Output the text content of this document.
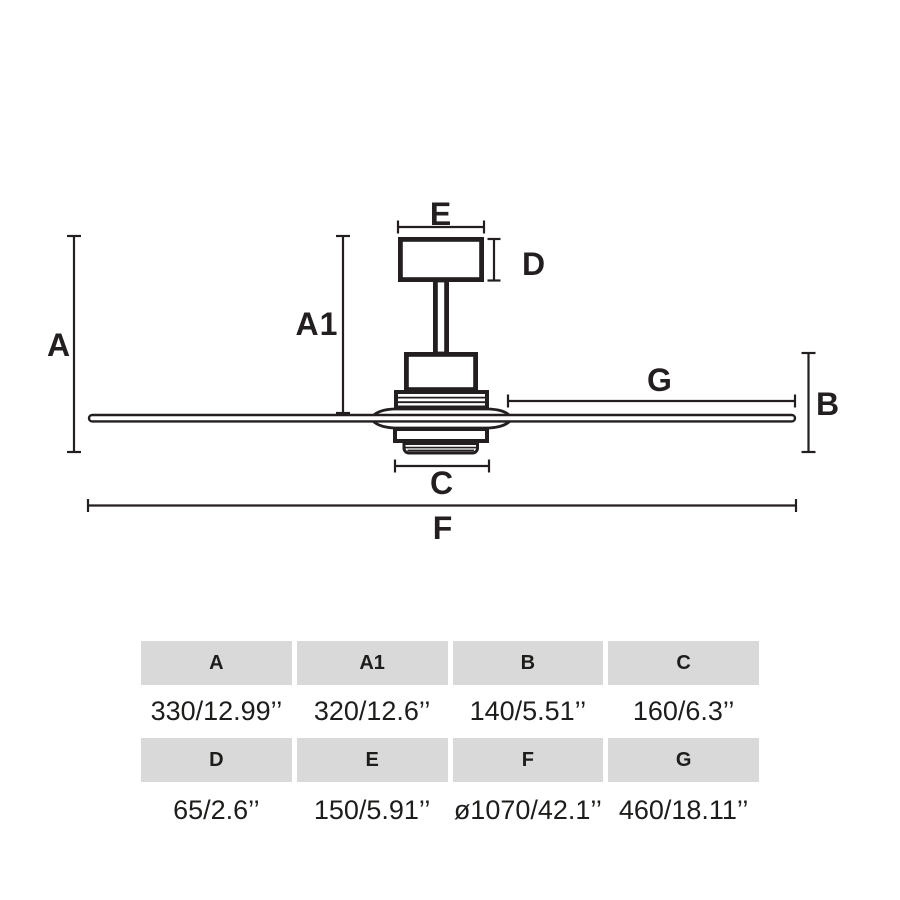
A
A1
E
D
G
B
C
F
A	A1	B	C
330/12.99’’	320/12.6’’	140/5.51’’	160/6.3’’
D	E	F	G
65/2.6’’	150/5.91’’ ø1070/42.1’’ 460/18.11’’
